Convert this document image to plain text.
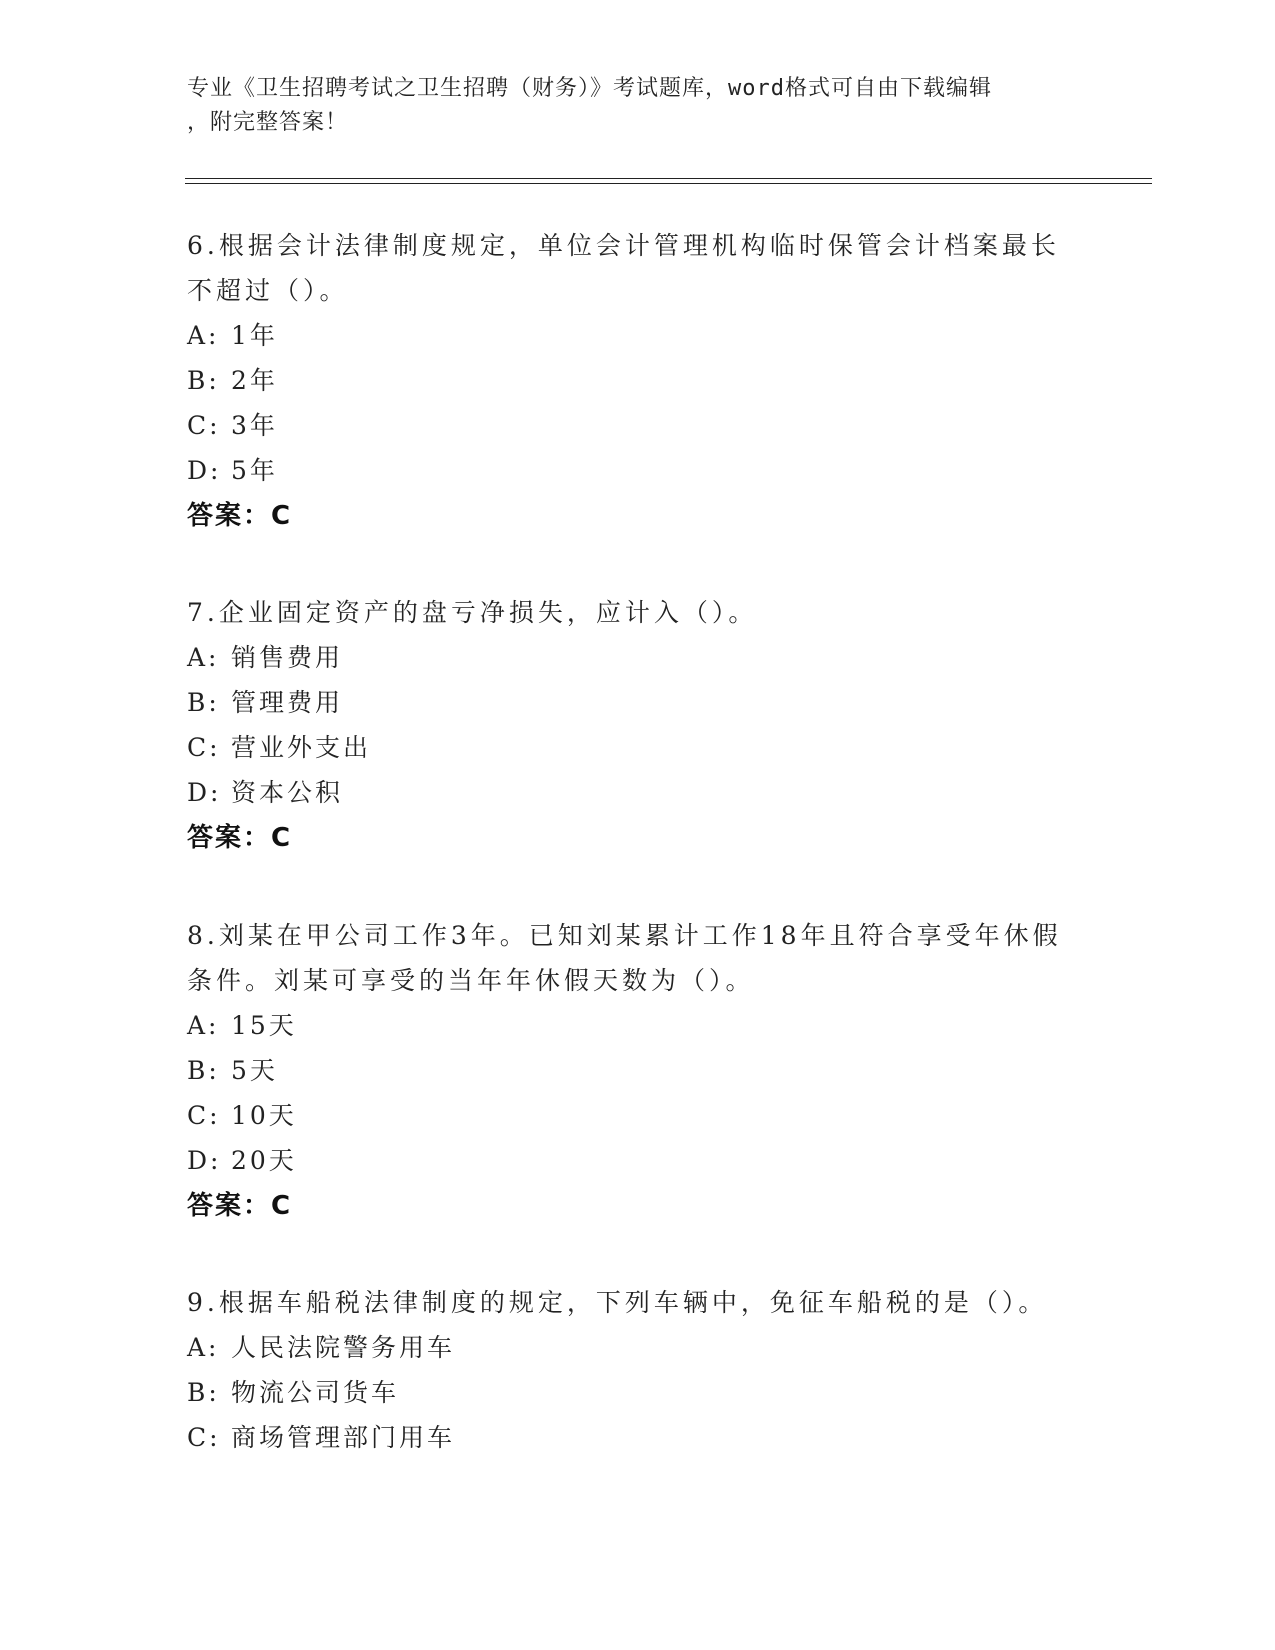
专业《卫生招聘考试之卫生招聘（财务）》考试题库，word格式可自由下载编辑
，附完整答案！
6.根据会计法律制度规定，单位会计管理机构临时保管会计档案最长
不超过（）。
A: 1年
B: 2年
C: 3年
D: 5年
答案：C
7.企业固定资产的盘亏净损失，应计入（）。
A: 销售费用
B: 管理费用
C: 营业外支出
D: 资本公积
答案：C
8.刘某在甲公司工作3年。已知刘某累计工作18年且符合享受年休假
条件。刘某可享受的当年年休假天数为（）。
A: 15天
B: 5天
C: 10天
D: 20天
答案：C
9.根据车船税法律制度的规定，下列车辆中，免征车船税的是（）。
A: 人民法院警务用车
B: 物流公司货车
C: 商场管理部门用车
